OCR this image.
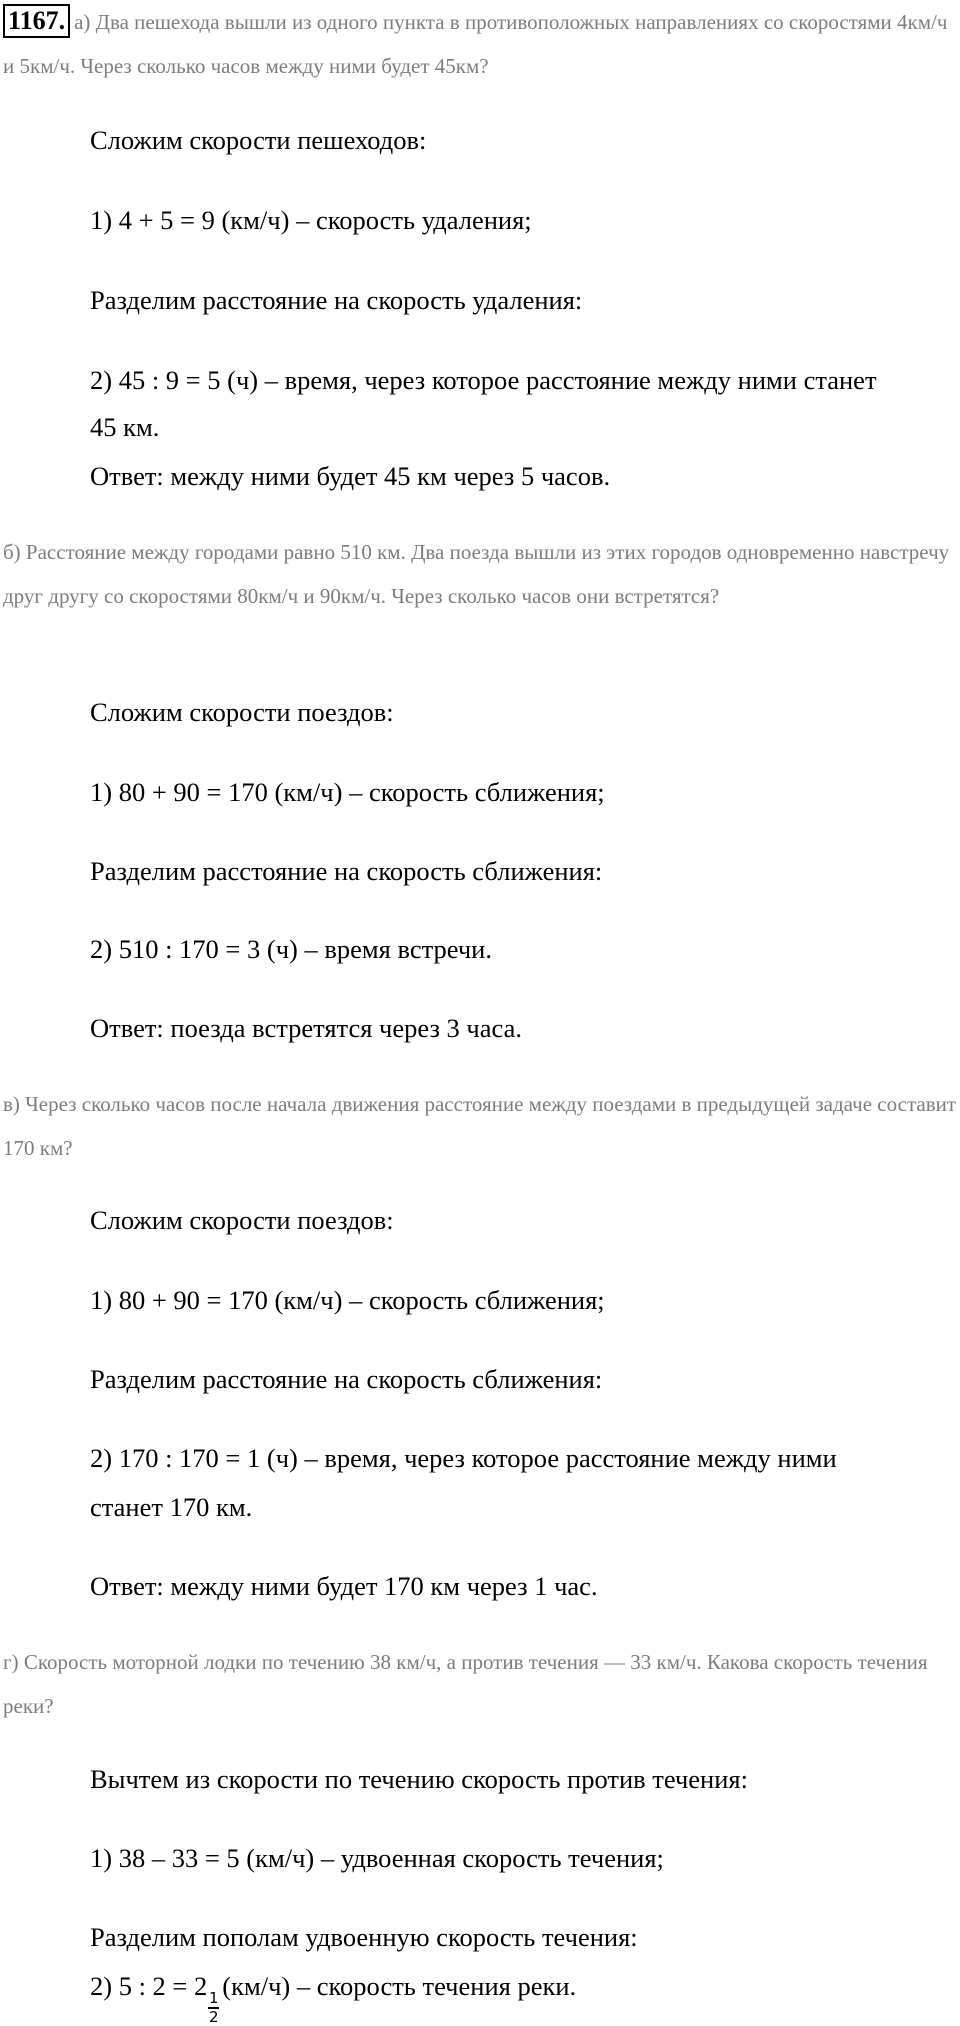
1167. а) Два пешехода вышли из одного пункта в противоположных направлениях со скоростями 4км/ч и 5км/ч. Через сколько часов между ними будет 45км?
Сложим скорости пешеходов:
1) 4 + 5 = 9 (км/ч) – скорость удаления;
Разделим расстояние на скорость удаления:
2) 45 : 9 = 5 (ч) – время, через которое расстояние между ними станет
45 км.
Ответ: между ними будет 45 км через 5 часов.
б) Расстояние между городами равно 510 км. Два поезда вышли из этих городов одновременно навстречу друг другу со скоростями 80км/ч и 90км/ч. Через сколько часов они встретятся?
Сложим скорости поездов:
1) 80 + 90 = 170 (км/ч) – скорость сближения;
Разделим расстояние на скорость сближения:
2) 510 : 170 = 3 (ч) – время встречи.
Ответ: поезда встретятся через 3 часа.
в) Через сколько часов после начала движения расстояние между поездами в предыдущей задаче составит 170 км?
Сложим скорости поездов:
1) 80 + 90 = 170 (км/ч) – скорость сближения;
Разделим расстояние на скорость сближения:
2) 170 : 170 = 1 (ч) – время, через которое расстояние между ними
станет 170 км.
Ответ: между ними будет 170 км через 1 час.
г) Скорость моторной лодки по течению 38 км/ч, а против течения — 33 км/ч. Какова скорость течения реки?
Вычтем из скорости по течению скорость против течения:
1) 38 – 33 = 5 (км/ч) – удвоенная скорость течения;
Разделим пополам удвоенную скорость течения:
2) 5 : 2 = 2
$\frac{1}{2}$
(км/ч) – скорость течения реки.
